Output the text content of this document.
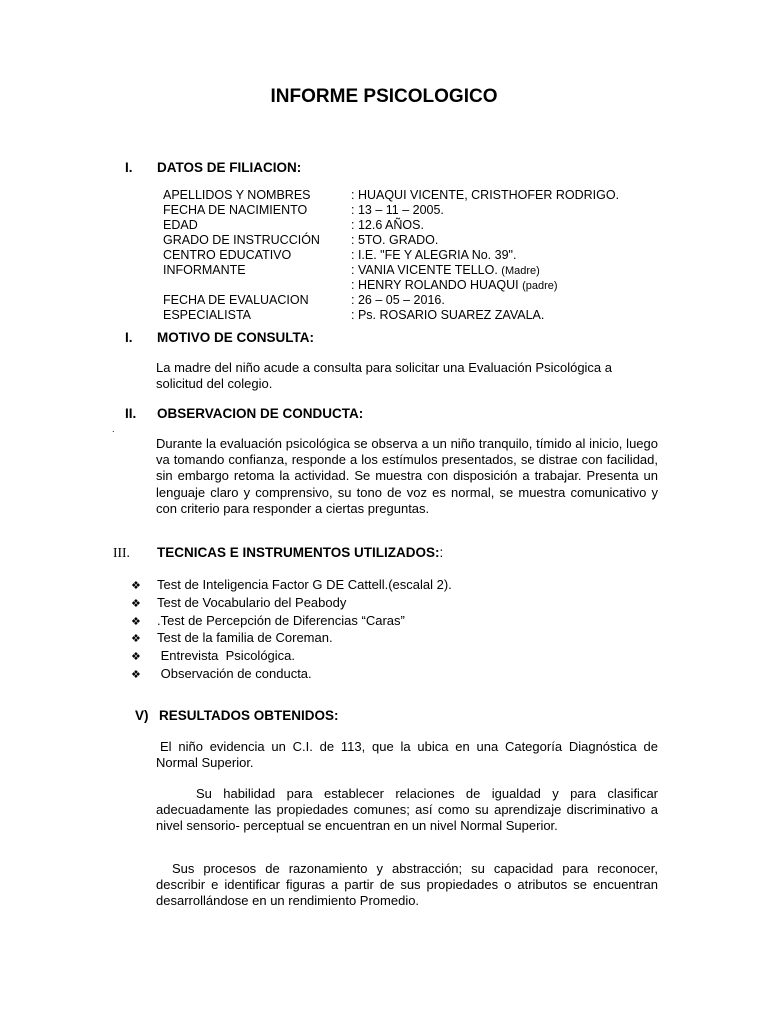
INFORME PSICOLOGICO
I. DATOS DE FILIACION:
APELLIDOS Y NOMBRES	: HUAQUI VICENTE, CRISTHOFER RODRIGO.
FECHA DE NACIMIENTO	: 13 – 11 – 2005.
EDAD	: 12.6 AÑOS.
GRADO DE INSTRUCCIÓN : 5TO. GRADO.
CENTRO EDUCATIVO	: I.E. "FE Y ALEGRIA No. 39".
INFORMANTE	: VANIA VICENTE TELLO. (Madre)
: HENRY ROLANDO HUAQUI (padre)
FECHA DE EVALUACION	: 26 – 05 – 2016.
ESPECIALISTA	: Ps. ROSARIO SUAREZ ZAVALA.
I. MOTIVO DE CONSULTA:
La madre del niño acude a consulta para solicitar una Evaluación Psicológica a solicitud del colegio.
II. OBSERVACION DE CONDUCTA:
.
Durante la evaluación psicológica se observa a un niño tranquilo, tímido al inicio, luego va tomando confianza, responde a los estímulos presentados, se distrae con facilidad, sin embargo retoma la actividad. Se muestra con disposición a trabajar. Presenta un lenguaje claro y comprensivo, su tono de voz es normal, se muestra comunicativo y con criterio para responder a ciertas preguntas.
III. TECNICAS E INSTRUMENTOS UTILIZADOS::
❖ Test de Inteligencia Factor G DE Cattell.(escalal 2).
❖ Test de Vocabulario del Peabody
❖ .Test de Percepción de Diferencias “Caras”
❖ Test de la familia de Coreman.
❖ Entrevista  Psicológica.
❖ Observación de conducta.
V) RESULTADOS OBTENIDOS:
El niño evidencia un C.I. de 113, que la ubica en una Categoría Diagnóstica de Normal Superior.
Su habilidad para establecer relaciones de igualdad y para clasificar adecuadamente las propiedades comunes; así como su aprendizaje discriminativo a nivel sensorio- perceptual se encuentran en un nivel Normal Superior.
Sus procesos de razonamiento y abstracción; su capacidad para reconocer, describir e identificar figuras a partir de sus propiedades o atributos se encuentran desarrollándose en un rendimiento Promedio.
